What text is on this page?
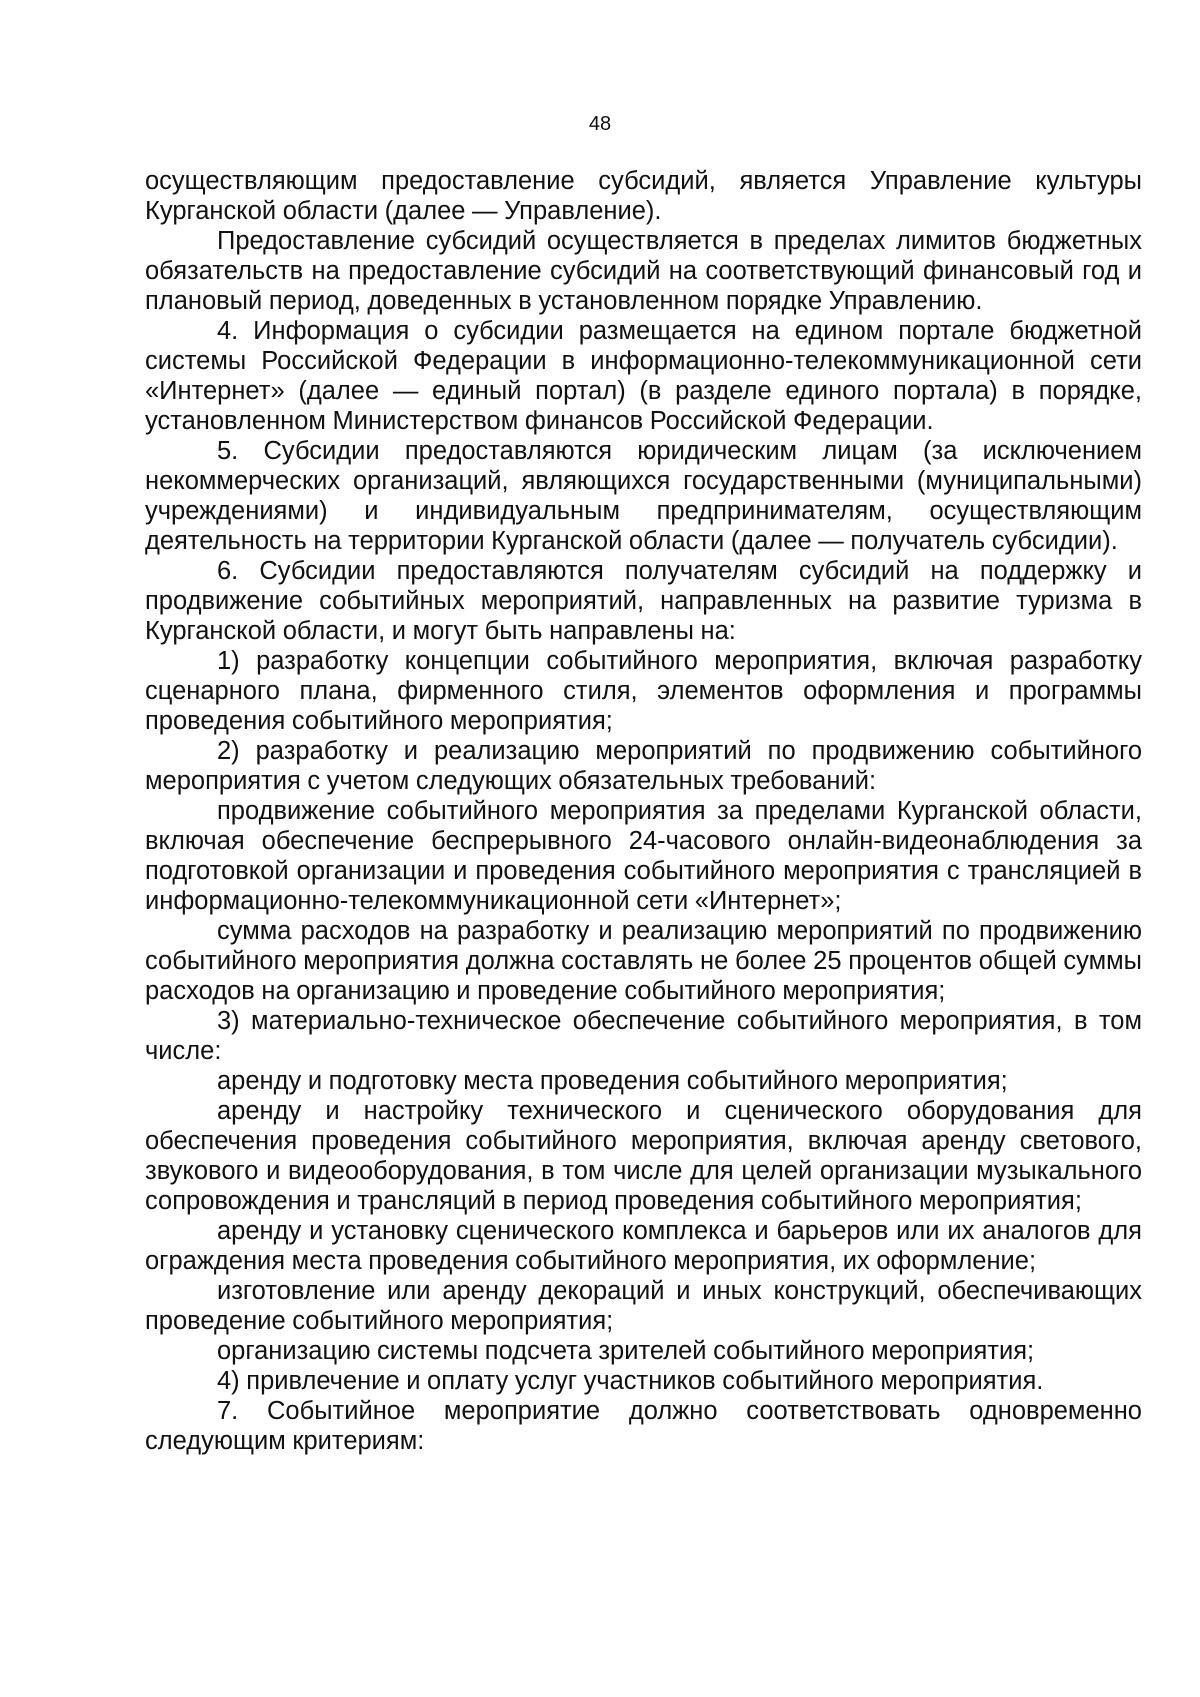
48

осуществляющим предоставление субсидий, является Управление культуры Курганской области (далее — Управление).

Предоставление субсидий осуществляется в пределах лимитов бюджетных обязательств на предоставление субсидий на соответствующий финансовый год и плановый период, доведенных в установленном порядке Управлению.

4. Информация о субсидии размещается на едином портале бюджетной системы Российской Федерации в информационно-телекоммуникационной сети «Интернет» (далее — единый портал) (в разделе единого портала) в порядке, установленном Министерством финансов Российской Федерации.

5. Субсидии предоставляются юридическим лицам (за исключением некоммерческих организаций, являющихся государственными (муниципальными) учреждениями) и индивидуальным предпринимателям, осуществляющим деятельность на территории Курганской области (далее — получатель субсидии).

6. Субсидии предоставляются получателям субсидий на поддержку и продвижение событийных мероприятий, направленных на развитие туризма в Курганской области, и могут быть направлены на:

1) разработку концепции событийного мероприятия, включая разработку сценарного плана, фирменного стиля, элементов оформления и программы проведения событийного мероприятия;

2) разработку и реализацию мероприятий по продвижению событийного мероприятия с учетом следующих обязательных требований:

продвижение событийного мероприятия за пределами Курганской области, включая обеспечение беспрерывного 24-часового онлайн-видеонаблюдения за подготовкой организации и проведения событийного мероприятия с трансляцией в информационно-телекоммуникационной сети «Интернет»;

сумма расходов на разработку и реализацию мероприятий по продвижению событийного мероприятия должна составлять не более 25 процентов общей суммы расходов на организацию и проведение событийного мероприятия;

3) материально-техническое обеспечение событийного мероприятия, в том числе:

аренду и подготовку места проведения событийного мероприятия;

аренду и настройку технического и сценического оборудования для обеспечения проведения событийного мероприятия, включая аренду светового, звукового и видеооборудования, в том числе для целей организации музыкального сопровождения и трансляций в период проведения событийного мероприятия;

аренду и установку сценического комплекса и барьеров или их аналогов для ограждения места проведения событийного мероприятия, их оформление;

изготовление или аренду декораций и иных конструкций, обеспечивающих проведение событийного мероприятия;

организацию системы подсчета зрителей событийного мероприятия;

4) привлечение и оплату услуг участников событийного мероприятия.

7. Событийное мероприятие должно соответствовать одновременно следующим критериям:
